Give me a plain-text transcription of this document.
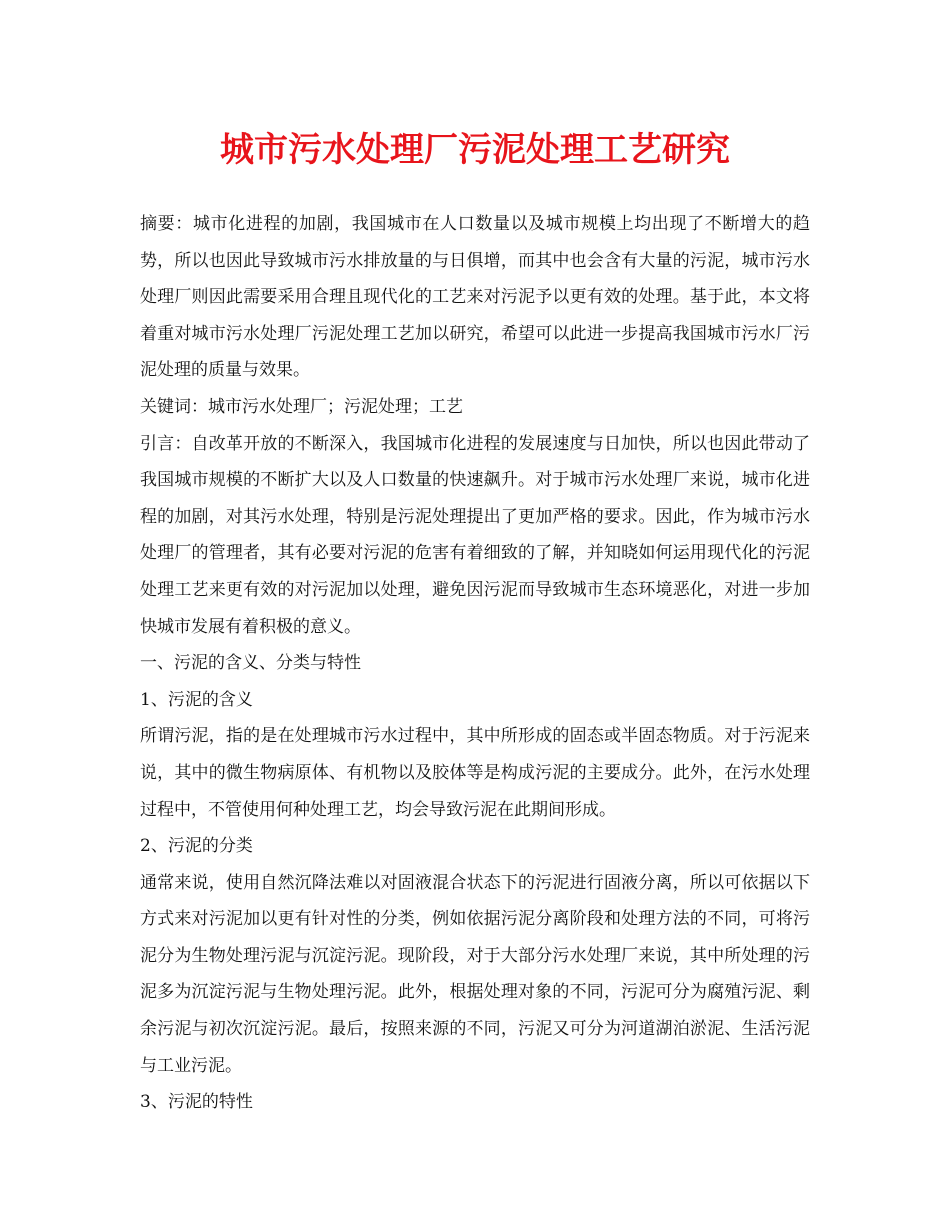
城市污水处理厂污泥处理工艺研究

摘要：城市化进程的加剧，我国城市在人口数量以及城市规模上均出现了不断增大的趋势，所以也因此导致城市污水排放量的与日俱增，而其中也会含有大量的污泥，城市污水处理厂则因此需要采用合理且现代化的工艺来对污泥予以更有效的处理。基于此，本文将着重对城市污水处理厂污泥处理工艺加以研究，希望可以此进一步提高我国城市污水厂污泥处理的质量与效果。

关键词：城市污水处理厂；污泥处理；工艺

引言：自改革开放的不断深入，我国城市化进程的发展速度与日加快，所以也因此带动了我国城市规模的不断扩大以及人口数量的快速飙升。对于城市污水处理厂来说，城市化进程的加剧，对其污水处理，特别是污泥处理提出了更加严格的要求。因此，作为城市污水处理厂的管理者，其有必要对污泥的危害有着细致的了解，并知晓如何运用现代化的污泥处理工艺来更有效的对污泥加以处理，避免因污泥而导致城市生态环境恶化，对进一步加快城市发展有着积极的意义。

一、污泥的含义、分类与特性

1、污泥的含义

所谓污泥，指的是在处理城市污水过程中，其中所形成的固态或半固态物质。对于污泥来说，其中的微生物病原体、有机物以及胶体等是构成污泥的主要成分。此外，在污水处理过程中，不管使用何种处理工艺，均会导致污泥在此期间形成。

2、污泥的分类

通常来说，使用自然沉降法难以对固液混合状态下的污泥进行固液分离，所以可依据以下方式来对污泥加以更有针对性的分类，例如依据污泥分离阶段和处理方法的不同，可将污泥分为生物处理污泥与沉淀污泥。现阶段，对于大部分污水处理厂来说，其中所处理的污泥多为沉淀污泥与生物处理污泥。此外，根据处理对象的不同，污泥可分为腐殖污泥、剩余污泥与初次沉淀污泥。最后，按照来源的不同，污泥又可分为河道湖泊淤泥、生活污泥与工业污泥。

3、污泥的特性
